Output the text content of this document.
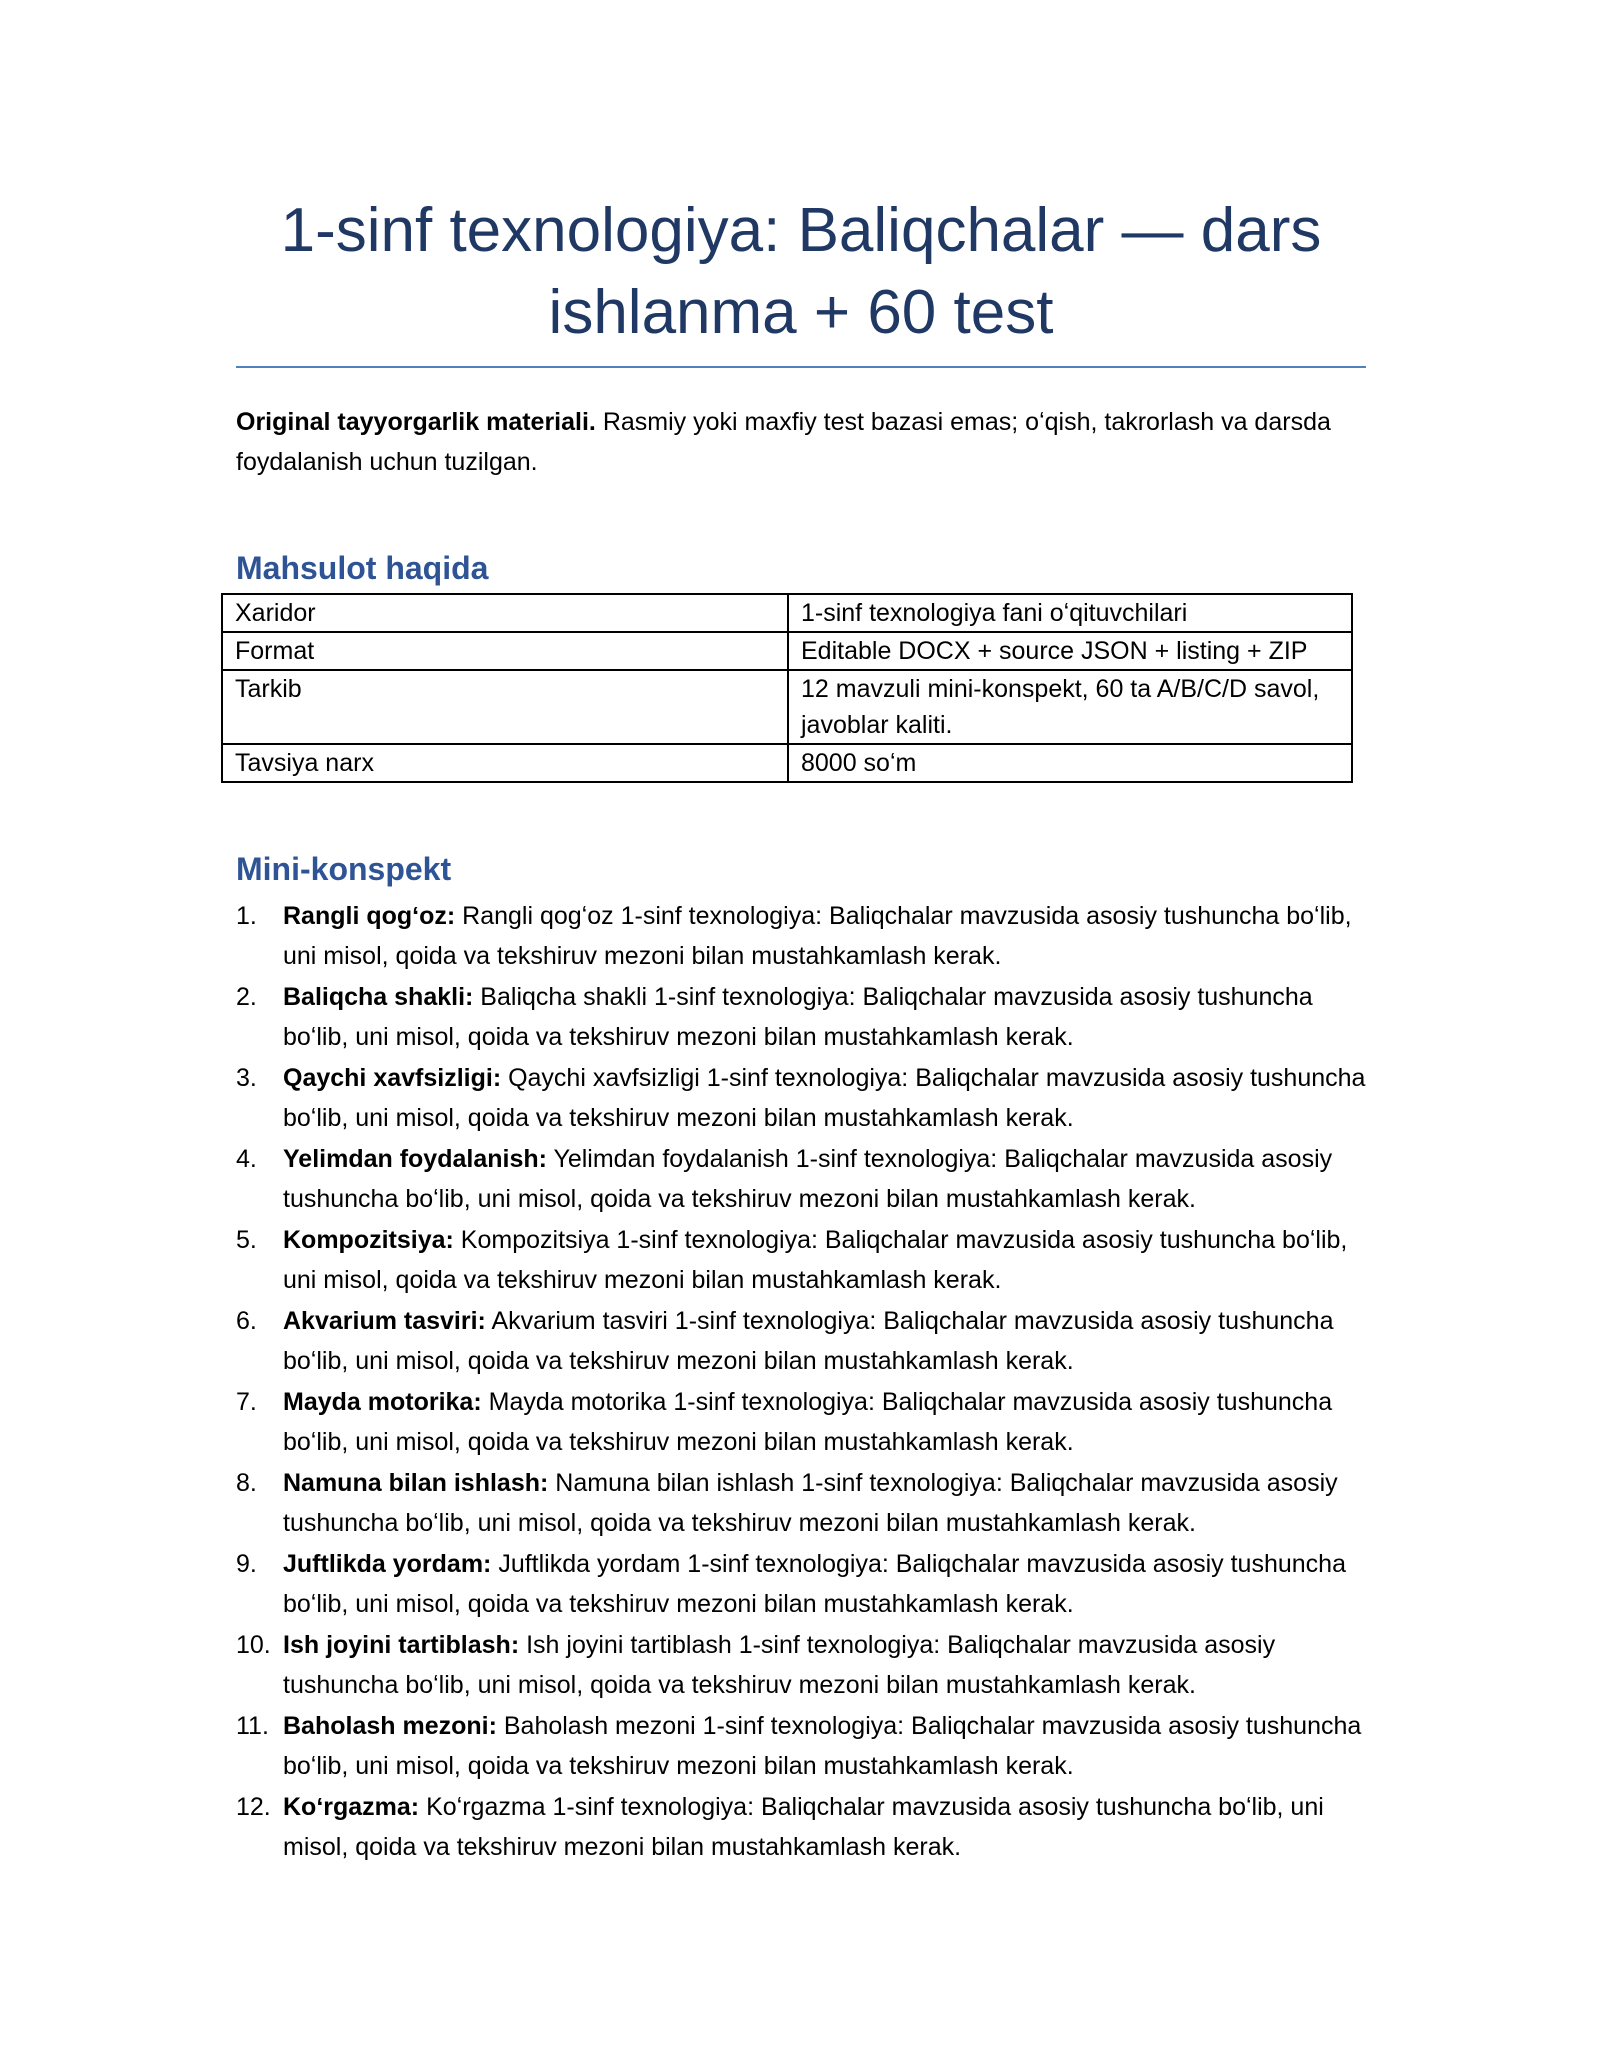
1-sinf texnologiya: Baliqchalar — dars ishlanma + 60 test

Original tayyorgarlik materiali. Rasmiy yoki maxfiy test bazasi emas; oʻqish, takrorlash va darsda foydalanish uchun tuzilgan.

Mahsulot haqida
Xaridor	1-sinf texnologiya fani oʻqituvchilari
Format	Editable DOCX + source JSON + listing + ZIP
Tarkib	12 mavzuli mini-konspekt, 60 ta A/B/C/D savol, javoblar kaliti.
Tavsiya narx	8000 soʻm
Mini-konspekt
1. Rangli qogʻoz: Rangli qogʻoz 1-sinf texnologiya: Baliqchalar mavzusida asosiy tushuncha boʻlib, uni misol, qoida va tekshiruv mezoni bilan mustahkamlash kerak.
2. Baliqcha shakli: Baliqcha shakli 1-sinf texnologiya: Baliqchalar mavzusida asosiy tushuncha boʻlib, uni misol, qoida va tekshiruv mezoni bilan mustahkamlash kerak.
3. Qaychi xavfsizligi: Qaychi xavfsizligi 1-sinf texnologiya: Baliqchalar mavzusida asosiy tushuncha boʻlib, uni misol, qoida va tekshiruv mezoni bilan mustahkamlash kerak.
4. Yelimdan foydalanish: Yelimdan foydalanish 1-sinf texnologiya: Baliqchalar mavzusida asosiy tushuncha boʻlib, uni misol, qoida va tekshiruv mezoni bilan mustahkamlash kerak.
5. Kompozitsiya: Kompozitsiya 1-sinf texnologiya: Baliqchalar mavzusida asosiy tushuncha boʻlib, uni misol, qoida va tekshiruv mezoni bilan mustahkamlash kerak.
6. Akvarium tasviri: Akvarium tasviri 1-sinf texnologiya: Baliqchalar mavzusida asosiy tushuncha boʻlib, uni misol, qoida va tekshiruv mezoni bilan mustahkamlash kerak.
7. Mayda motorika: Mayda motorika 1-sinf texnologiya: Baliqchalar mavzusida asosiy tushuncha boʻlib, uni misol, qoida va tekshiruv mezoni bilan mustahkamlash kerak.
8. Namuna bilan ishlash: Namuna bilan ishlash 1-sinf texnologiya: Baliqchalar mavzusida asosiy tushuncha boʻlib, uni misol, qoida va tekshiruv mezoni bilan mustahkamlash kerak.
9. Juftlikda yordam: Juftlikda yordam 1-sinf texnologiya: Baliqchalar mavzusida asosiy tushuncha boʻlib, uni misol, qoida va tekshiruv mezoni bilan mustahkamlash kerak.
10. Ish joyini tartiblash: Ish joyini tartiblash 1-sinf texnologiya: Baliqchalar mavzusida asosiy tushuncha boʻlib, uni misol, qoida va tekshiruv mezoni bilan mustahkamlash kerak.
11. Baholash mezoni: Baholash mezoni 1-sinf texnologiya: Baliqchalar mavzusida asosiy tushuncha boʻlib, uni misol, qoida va tekshiruv mezoni bilan mustahkamlash kerak.
12. Koʻrgazma: Koʻrgazma 1-sinf texnologiya: Baliqchalar mavzusida asosiy tushuncha boʻlib, uni misol, qoida va tekshiruv mezoni bilan mustahkamlash kerak.
